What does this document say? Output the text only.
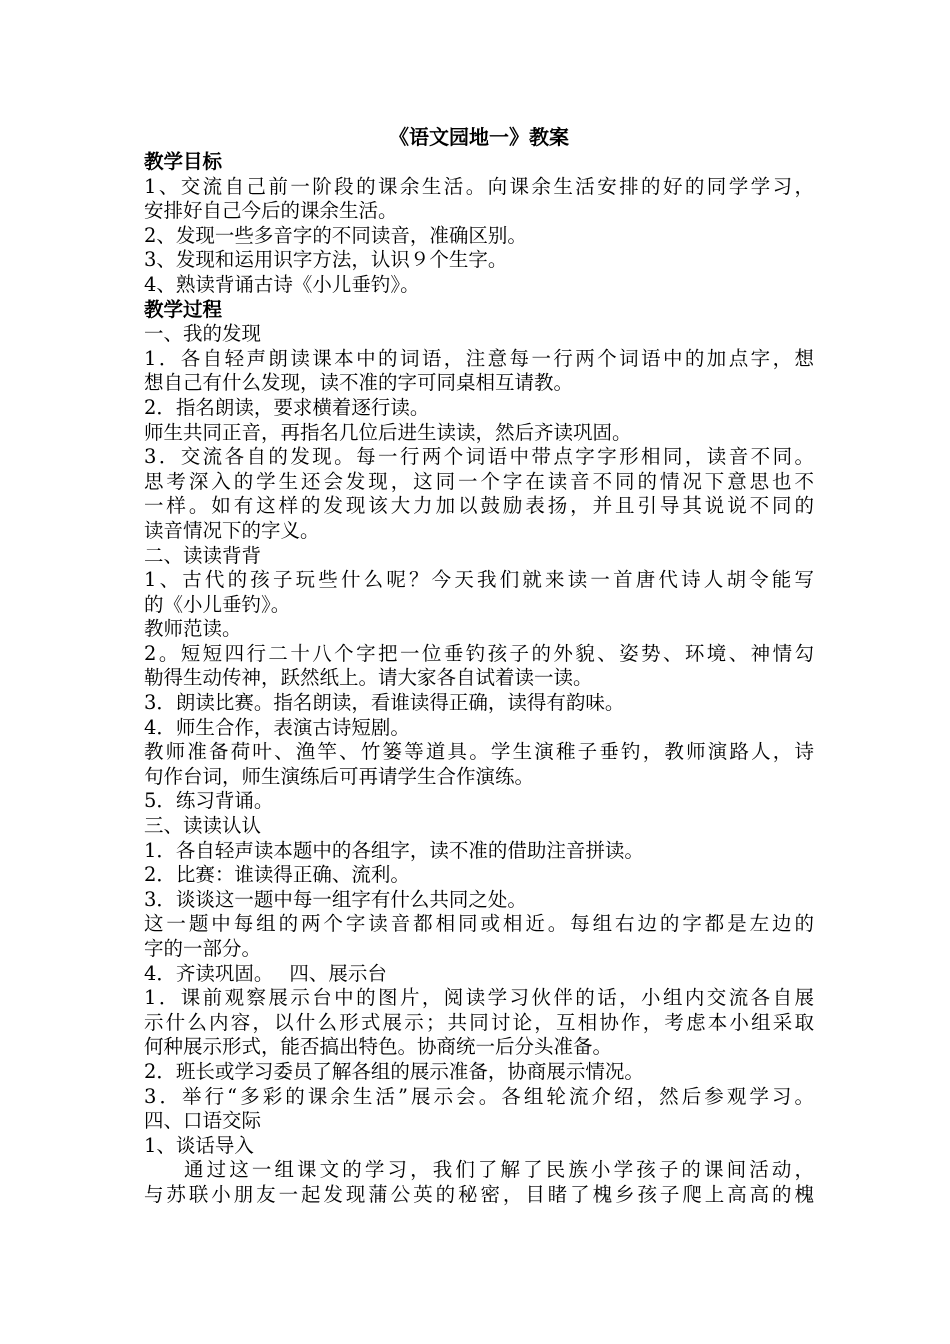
《语文园地一》教案
教学目标
1、交流自己前一阶段的课余生活。向课余生活安排的好的同学学习，
安排好自己今后的课余生活。
2、发现一些多音字的不同读音，准确区别。
3、发现和运用识字方法，认识９个生字。
4、熟读背诵古诗《小儿垂钓》。
教学过程
一、我的发现
1．各自轻声朗读课本中的词语，注意每一行两个词语中的加点字，想
想自己有什么发现，读不准的字可同桌相互请教。
2．指名朗读，要求横着逐行读。
师生共同正音，再指名几位后进生读读，然后齐读巩固。
3．交流各自的发现。每一行两个词语中带点字字形相同，读音不同。
思考深入的学生还会发现，这同一个字在读音不同的情况下意思也不
一样。如有这样的发现该大力加以鼓励表扬，并且引导其说说不同的
读音情况下的字义。
二、读读背背
1、古代的孩子玩些什么呢？今天我们就来读一首唐代诗人胡令能写
的《小儿垂钓》。
教师范读。
2。短短四行二十八个字把一位垂钓孩子的外貌、姿势、环境、神情勾
勒得生动传神，跃然纸上。请大家各自试着读一读。
3．朗读比赛。指名朗读，看谁读得正确，读得有韵味。
4．师生合作，表演古诗短剧。
教师准备荷叶、渔竿、竹篓等道具。学生演稚子垂钓，教师演路人，诗
句作台词，师生演练后可再请学生合作演练。
5．练习背诵。
三、读读认认
1．各自轻声读本题中的各组字，读不准的借助注音拼读。
2．比赛：谁读得正确、流利。
3．谈谈这一题中每一组字有什么共同之处。
这一题中每组的两个字读音都相同或相近。每组右边的字都是左边的
字的一部分。
4．齐读巩固。　 四、展示台
1．课前观察展示台中的图片，阅读学习伙伴的话，小组内交流各自展
示什么内容，以什么形式展示；共同讨论，互相协作，考虑本小组采取
何种展示形式，能否搞出特色。协商统一后分头准备。
2．班长或学习委员了解各组的展示准备，协商展示情况。
3．举行“多彩的课余生活”展示会。各组轮流介绍，然后参观学习。
四、口语交际
1、谈话导入
通过这一组课文的学习，我们了解了民族小学孩子的课间活动，
与苏联小朋友一起发现蒲公英的秘密，目睹了槐乡孩子爬上高高的槐
